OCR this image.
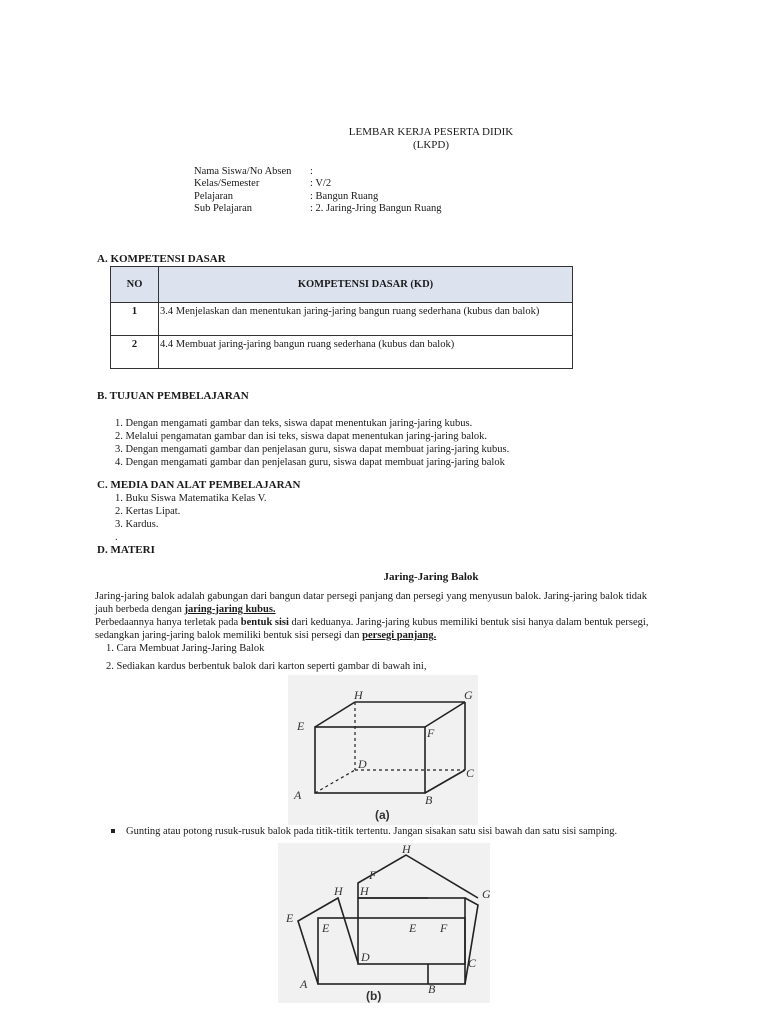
LEMBAR KERJA PESERTA DIDIK
(LKPD)
Nama Siswa/No Absen :
Kelas/Semester	: V/2
Pelajaran	: Bangun Ruang
Sub Pelajaran	: 2. Jaring-Jring Bangun Ruang
A. KOMPETENSI DASAR
NO	KOMPETENSI DASAR (KD)
1	3.4 Menjelaskan dan menentukan jaring-jaring bangun ruang sederhana (kubus dan balok)
2	4.4 Membuat jaring-jaring bangun ruang sederhana (kubus dan balok)
B. TUJUAN PEMBELAJARAN
1. Dengan mengamati gambar dan teks, siswa dapat menentukan jaring-jaring kubus.
2. Melalui pengamatan gambar dan isi teks, siswa dapat menentukan jaring-jaring balok.
3. Dengan mengamati gambar dan penjelasan guru, siswa dapat membuat jaring-jaring kubus.
4. Dengan mengamati gambar dan penjelasan guru, siswa dapat membuat jaring-jaring balok
C. MEDIA DAN ALAT PEMBELAJARAN
1. Buku Siswa Matematika Kelas V.
2. Kertas Lipat.
3. Kardus.
.
D. MATERI
Jaring-Jaring Balok
Jaring-jaring balok adalah gabungan dari bangun datar persegi panjang dan persegi yang menyusun balok. Jaring-jaring balok tidak
jauh berbeda dengan jaring-jaring kubus.
Perbedaannya hanya terletak pada bentuk sisi dari keduanya. Jaring-jaring kubus memiliki bentuk sisi hanya dalam bentuk persegi,
sedangkan jaring-jaring balok memiliki bentuk sisi persegi dan persegi panjang.
1. Cara Membuat Jaring-Jaring Balok
2. Sediakan kardus berbentuk balok dari karton seperti gambar di bawah ini,
H	G
E	F
D
C
A	B
(a)
Gunting atau potong rusuk-rusuk balok pada titik-titik tertentu. Jangan sisakan satu sisi bawah dan satu sisi samping.
H
F
G
H H
E
E	E F
D	C
A	B
(b)
